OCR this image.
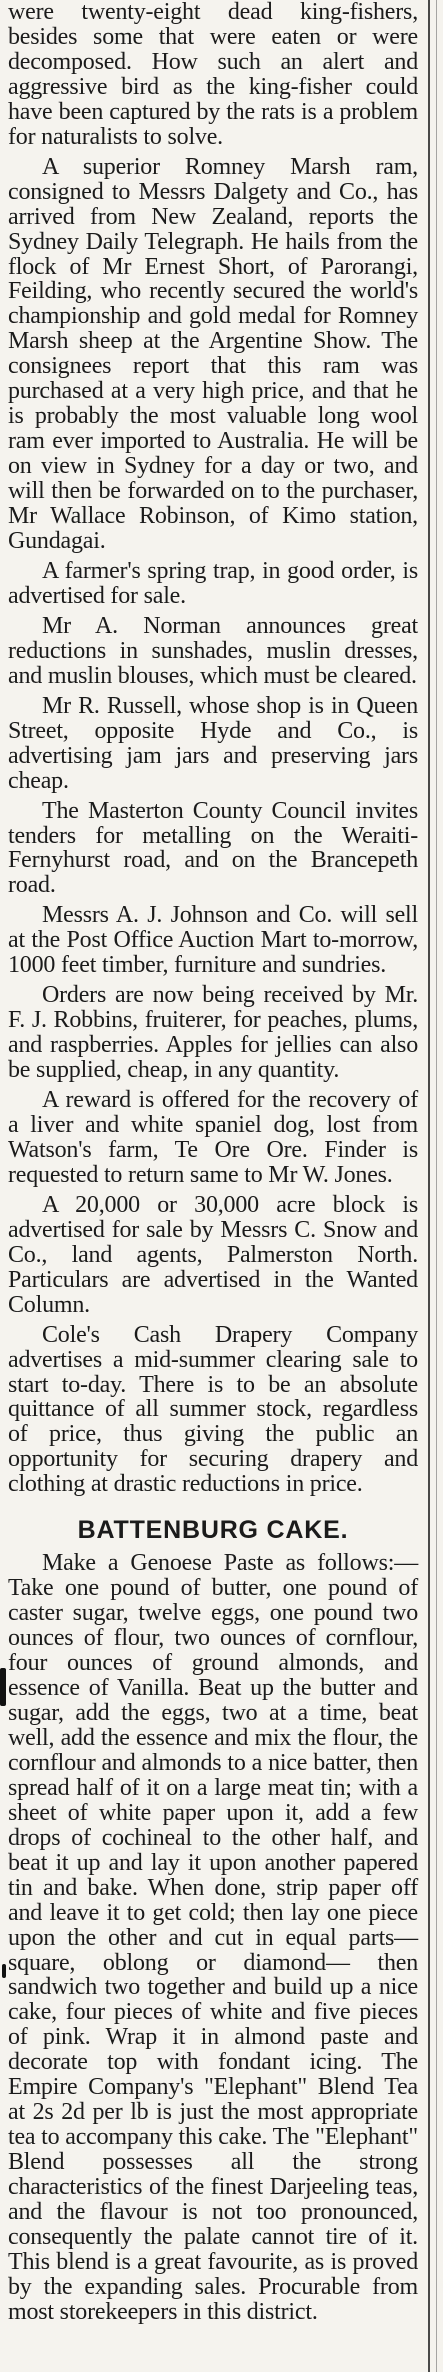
were twenty-eight dead king-fishers, besides some that were eaten or were decomposed. How such an alert and aggressive bird as the king-fisher could have been captured by the rats is a problem for naturalists to solve.

A superior Romney Marsh ram, consigned to Messrs Dalgety and Co., has arrived from New Zealand, reports the Sydney Daily Telegraph. He hails from the flock of Mr Ernest Short, of Parorangi, Feilding, who recently secured the world's championship and gold medal for Romney Marsh sheep at the Argentine Show. The consignees report that this ram was purchased at a very high price, and that he is probably the most valuable long wool ram ever imported to Australia. He will be on view in Sydney for a day or two, and will then be forwarded on to the purchaser, Mr Wallace Robinson, of Kimo station, Gundagai.

A farmer's spring trap, in good order, is advertised for sale.

Mr A. Norman announces great reductions in sunshades, muslin dresses, and muslin blouses, which must be cleared.

Mr R. Russell, whose shop is in Queen Street, opposite Hyde and Co., is advertising jam jars and preserving jars cheap.

The Masterton County Council invites tenders for metalling on the Weraiti-Fernyhurst road, and on the Brancepeth road.

Messrs A. J. Johnson and Co. will sell at the Post Office Auction Mart to-morrow, 1000 feet timber, furniture and sundries.

Orders are now being received by Mr. F. J. Robbins, fruiterer, for peaches, plums, and raspberries. Apples for jellies can also be supplied, cheap, in any quantity.

A reward is offered for the recovery of a liver and white spaniel dog, lost from Watson's farm, Te Ore Ore. Finder is requested to return same to Mr W. Jones.

A 20,000 or 30,000 acre block is advertised for sale by Messrs C. Snow and Co., land agents, Palmerston North. Particulars are advertised in the Wanted Column.

Cole's Cash Drapery Company advertises a mid-summer clearing sale to start to-day. There is to be an absolute quittance of all summer stock, regardless of price, thus giving the public an opportunity for securing drapery and clothing at drastic reductions in price.

BATTENBURG CAKE.

Make a Genoese Paste as follows:—Take one pound of butter, one pound of caster sugar, twelve eggs, one pound two ounces of flour, two ounces of cornflour, four ounces of ground almonds, and essence of Vanilla. Beat up the butter and sugar, add the eggs, two at a time, beat well, add the essence and mix the flour, the cornflour and almonds to a nice batter, then spread half of it on a large meat tin; with a sheet of white paper upon it, add a few drops of cochineal to the other half, and beat it up and lay it upon another papered tin and bake. When done, strip paper off and leave it to get cold; then lay one piece upon the other and cut in equal parts—square, oblong or diamond— then sandwich two together and build up a nice cake, four pieces of white and five pieces of pink. Wrap it in almond paste and decorate top with fondant icing. The Empire Company's "Elephant" Blend Tea at 2s 2d per lb is just the most appropriate tea to accompany this cake. The "Elephant" Blend possesses all the strong characteristics of the finest Darjeeling teas, and the flavour is not too pronounced, consequently the palate cannot tire of it. This blend is a great favourite, as is proved by the expanding sales. Procurable from most storekeepers in this district.
